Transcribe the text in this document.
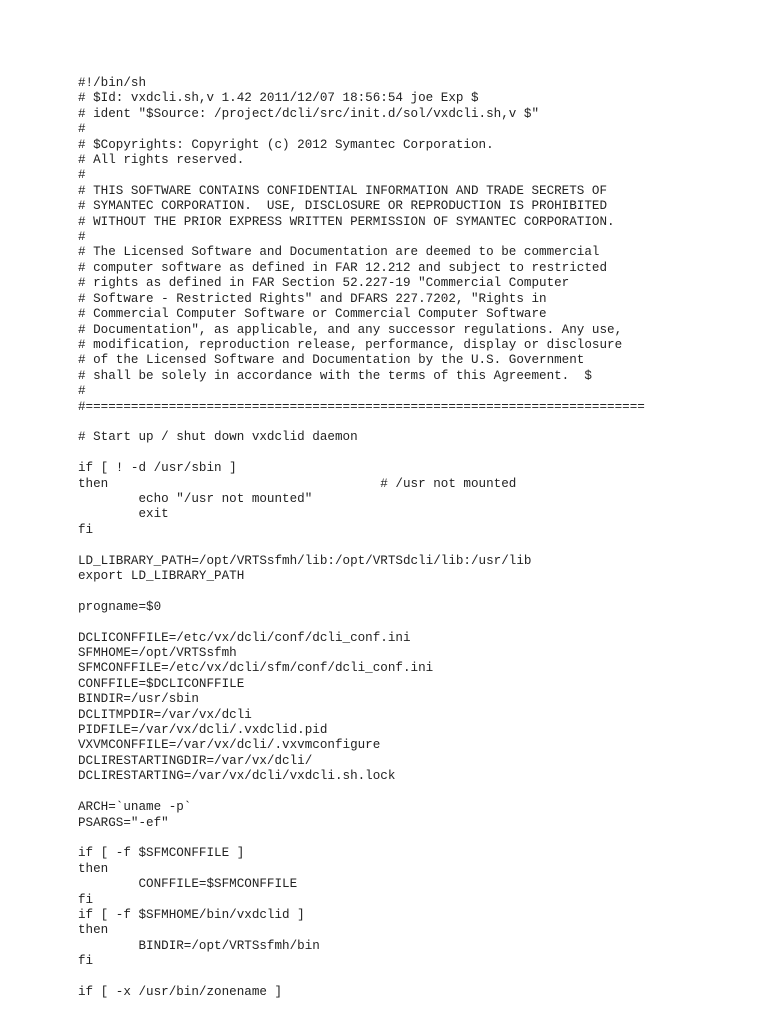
#!/bin/sh
# $Id: vxdcli.sh,v 1.42 2011/12/07 18:56:54 joe Exp $
# ident "$Source: /project/dcli/src/init.d/sol/vxdcli.sh,v $"
#
# $Copyrights: Copyright (c) 2012 Symantec Corporation.
# All rights reserved.
#
# THIS SOFTWARE CONTAINS CONFIDENTIAL INFORMATION AND TRADE SECRETS OF
# SYMANTEC CORPORATION.  USE, DISCLOSURE OR REPRODUCTION IS PROHIBITED
# WITHOUT THE PRIOR EXPRESS WRITTEN PERMISSION OF SYMANTEC CORPORATION.
#
# The Licensed Software and Documentation are deemed to be commercial
# computer software as defined in FAR 12.212 and subject to restricted
# rights as defined in FAR Section 52.227-19 "Commercial Computer
# Software - Restricted Rights" and DFARS 227.7202, "Rights in
# Commercial Computer Software or Commercial Computer Software
# Documentation", as applicable, and any successor regulations. Any use,
# modification, reproduction release, performance, display or disclosure
# of the Licensed Software and Documentation by the U.S. Government
# shall be solely in accordance with the terms of this Agreement.  $
#
#==========================================================================
# Start up / shut down vxdclid daemon
if [ ! -d /usr/sbin ]
then                                    # /usr not mounted
echo "/usr not mounted"
exit
fi
LD_LIBRARY_PATH=/opt/VRTSsfmh/lib:/opt/VRTSdcli/lib:/usr/lib
export LD_LIBRARY_PATH
progname=$0
DCLICONFFILE=/etc/vx/dcli/conf/dcli_conf.ini
SFMHOME=/opt/VRTSsfmh
SFMCONFFILE=/etc/vx/dcli/sfm/conf/dcli_conf.ini
CONFFILE=$DCLICONFFILE
BINDIR=/usr/sbin
DCLITMPDIR=/var/vx/dcli
PIDFILE=/var/vx/dcli/.vxdclid.pid
VXVMCONFFILE=/var/vx/dcli/.vxvmconfigure
DCLIRESTARTINGDIR=/var/vx/dcli/
DCLIRESTARTING=/var/vx/dcli/vxdcli.sh.lock
ARCH=`uname -p`
PSARGS="-ef"
if [ -f $SFMCONFFILE ]
then
CONFFILE=$SFMCONFFILE
fi
if [ -f $SFMHOME/bin/vxdclid ]
then
BINDIR=/opt/VRTSsfmh/bin
fi
if [ -x /usr/bin/zonename ]
